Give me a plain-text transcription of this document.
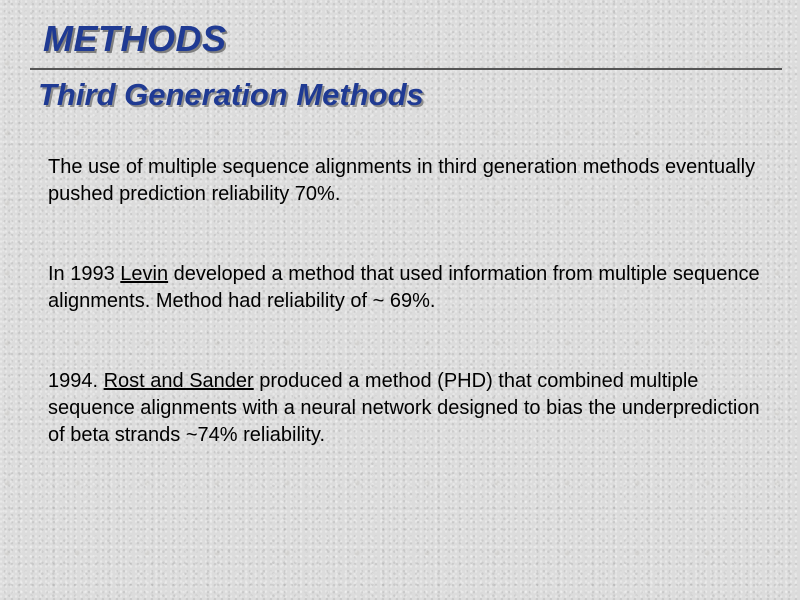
METHODS
Third Generation Methods

The use of multiple sequence alignments in third generation methods eventually pushed prediction reliability 70%.

In 1993 Levin developed a method that used information from multiple sequence alignments. Method had reliability of ~ 69%.

1994. Rost and Sander produced a method (PHD) that combined multiple sequence alignments with a neural network designed to bias the underprediction of beta strands ~74% reliability.
